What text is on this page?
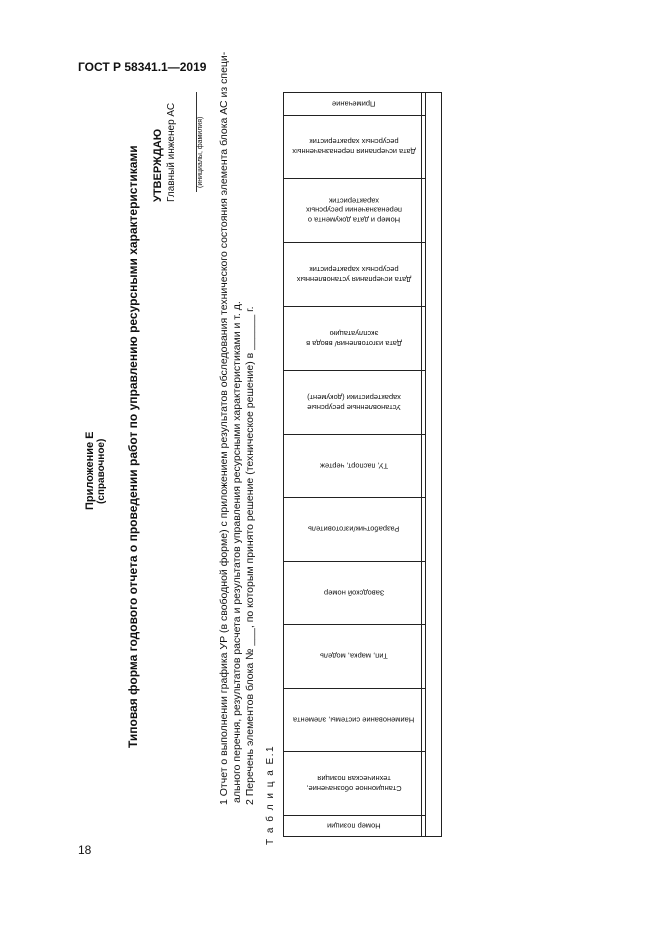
ГОСТ Р 58341.1—2019
Приложение Е (справочное) Типовая форма годового отчета о проведении работ по управлению ресурсными характеристиками УТВЕРЖДАЮ Главный инженер АС	(инициалы, фамилия) 1 Отчет о выполнении графика УР (в свободной форме) с приложением результатов обследования технического состояния элемента блока АС из специ- ального перечня, результатов расчета и результатов управления ресурсными характеристиками и т. д. 2 Перечень элементов блока № ___, по которым принято решение (техническое решение) в ______ г. Т а б л и ц а Е.1
Примечание
Дата исчерпания переназначенных ресурсных характеристик
Номер и дата документа о переназначении ресурсных характеристик
Дата исчерпания установленных ресурсных характеристик
Дата изготовления/ ввода в эксплуатацию
Установленные ресурсные характеристики (документ)
ТУ, паспорт, чертеж
Разработчик/изготовитель
Заводской номер
Тип, марка, модель
Наименование системы, элемента
Станционное обозначение, техническая позиция
Номер позиции
18
